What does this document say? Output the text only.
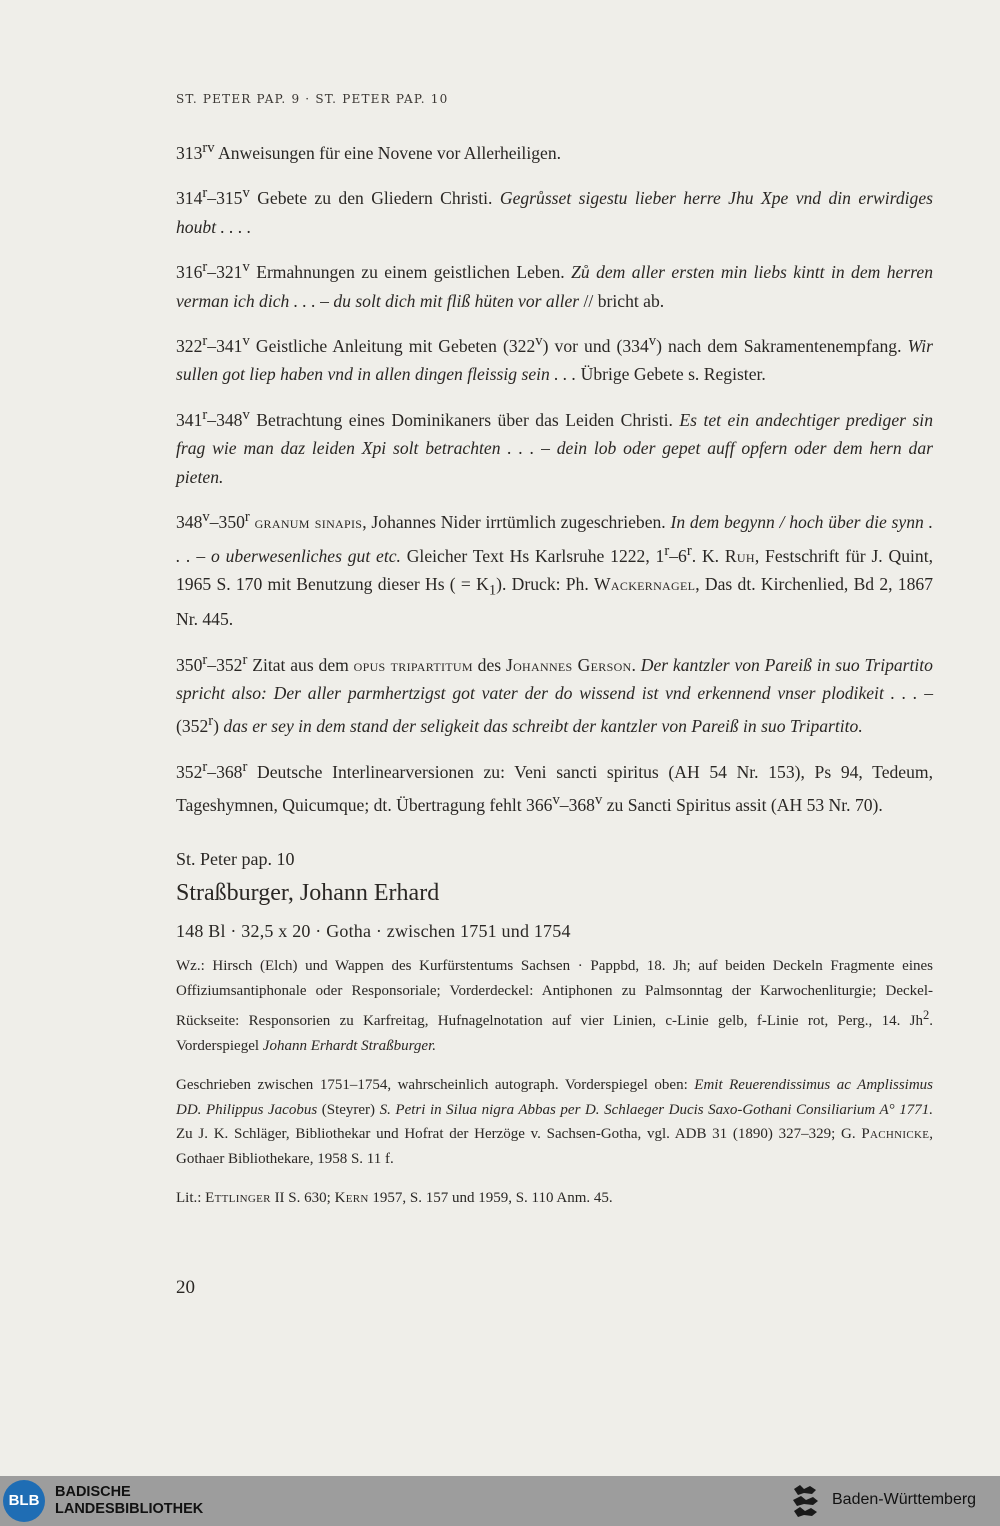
ST. PETER PAP. 9 · ST. PETER PAP. 10

$313^{rv}$ Anweisungen für eine Novene vor Allerheiligen.

314$^r$–315$^v$ Gebete zu den Gliedern Christi. Gegrůsset sigestu lieber herre Jhu Xpe vnd din erwirdiges houbt . . . .

316$^r$–321$^v$ Ermahnungen zu einem geistlichen Leben. Zů dem aller ersten min liebs kintt in dem herren verman ich dich . . . – du solt dich mit fliß hüten vor aller // bricht ab.

322$^r$–341$^v$ Geistliche Anleitung mit Gebeten (322$^v$) vor und (334$^v$) nach dem Sakramentenempfang. Wir sullen got liep haben vnd in allen dingen fleissig sein . . . Übrige Gebete s. Register.

341$^r$–348$^v$ Betrachtung eines Dominikaners über das Leiden Christi. Es tet ein andechtiger prediger sin frag wie man daz leiden Xpi solt betrachten . . . – dein lob oder gepet auff opfern oder dem hern dar pieten.

348$^v$–350$^r$ granum sinapis, Johannes Nider irrtümlich zugeschrieben. In dem begynn / hoch über die synn . . . – o uberwesenliches gut etc. Gleicher Text Hs Karlsruhe 1222, 1$^r$–6$^r$. K. Ruh, Festschrift für J. Quint, 1965 S. 170 mit Benutzung dieser Hs ( = $K_1$). Druck: Ph. Wackernagel, Das dt. Kirchenlied, Bd 2, 1867 Nr. 445.

350$^r$–352$^r$ Zitat aus dem opus tripartitum des Johannes Gerson. Der kantzler von Pareiß in suo Tripartito spricht also: Der aller parmhertzigst got vater der do wissend ist vnd erkennend vnser plodikeit . . . – (352$^r$) das er sey in dem stand der seligkeit das schreibt der kantzler von Pareiß in suo Tripartito.

352$^r$–368$^r$ Deutsche Interlinearversionen zu: Veni sancti spiritus (AH 54 Nr. 153), Ps 94, Tedeum, Tageshymnen, Quicumque; dt. Übertragung fehlt 366$^v$–368$^v$ zu Sancti Spiritus assit (AH 53 Nr. 70).

St. Peter pap. 10
Straßburger, Johann Erhard
148 Bl · 32,5 x 20 · Gotha · zwischen 1751 und 1754

Wz.: Hirsch (Elch) und Wappen des Kurfürstentums Sachsen · Pappbd, 18. Jh; auf beiden Deckeln Fragmente eines Offiziumsantiphonale oder Responsoriale; Vorderdeckel: Antiphonen zu Palmsonntag der Karwochenliturgie; Deckel-Rückseite: Responsorien zu Karfreitag, Hufnagelnotation auf vier Linien, c-Linie gelb, f-Linie rot, Perg., 14. Jh$^2$. Vorderspiegel Johann Erhardt Straßburger.

Geschrieben zwischen 1751–1754, wahrscheinlich autograph. Vorderspiegel oben: Emit Reuerendissimus ac Amplissimus DD. Philippus Jacobus (Steyrer) S. Petri in Silua nigra Abbas per D. Schlaeger Ducis Saxo-Gothani Consiliarium A° 1771. Zu J. K. Schläger, Bibliothekar und Hofrat der Herzöge v. Sachsen-Gotha, vgl. ADB 31 (1890) 327–329; G. Pachnicke, Gothaer Bibliothekare, 1958 S. 11 f.

Lit.: Ettlinger II S. 630; Kern 1957, S. 157 und 1959, S. 110 Anm. 45.

20
BLB	BADISCHE
LANDESBIBLIOTHEK
Baden-Württemberg
